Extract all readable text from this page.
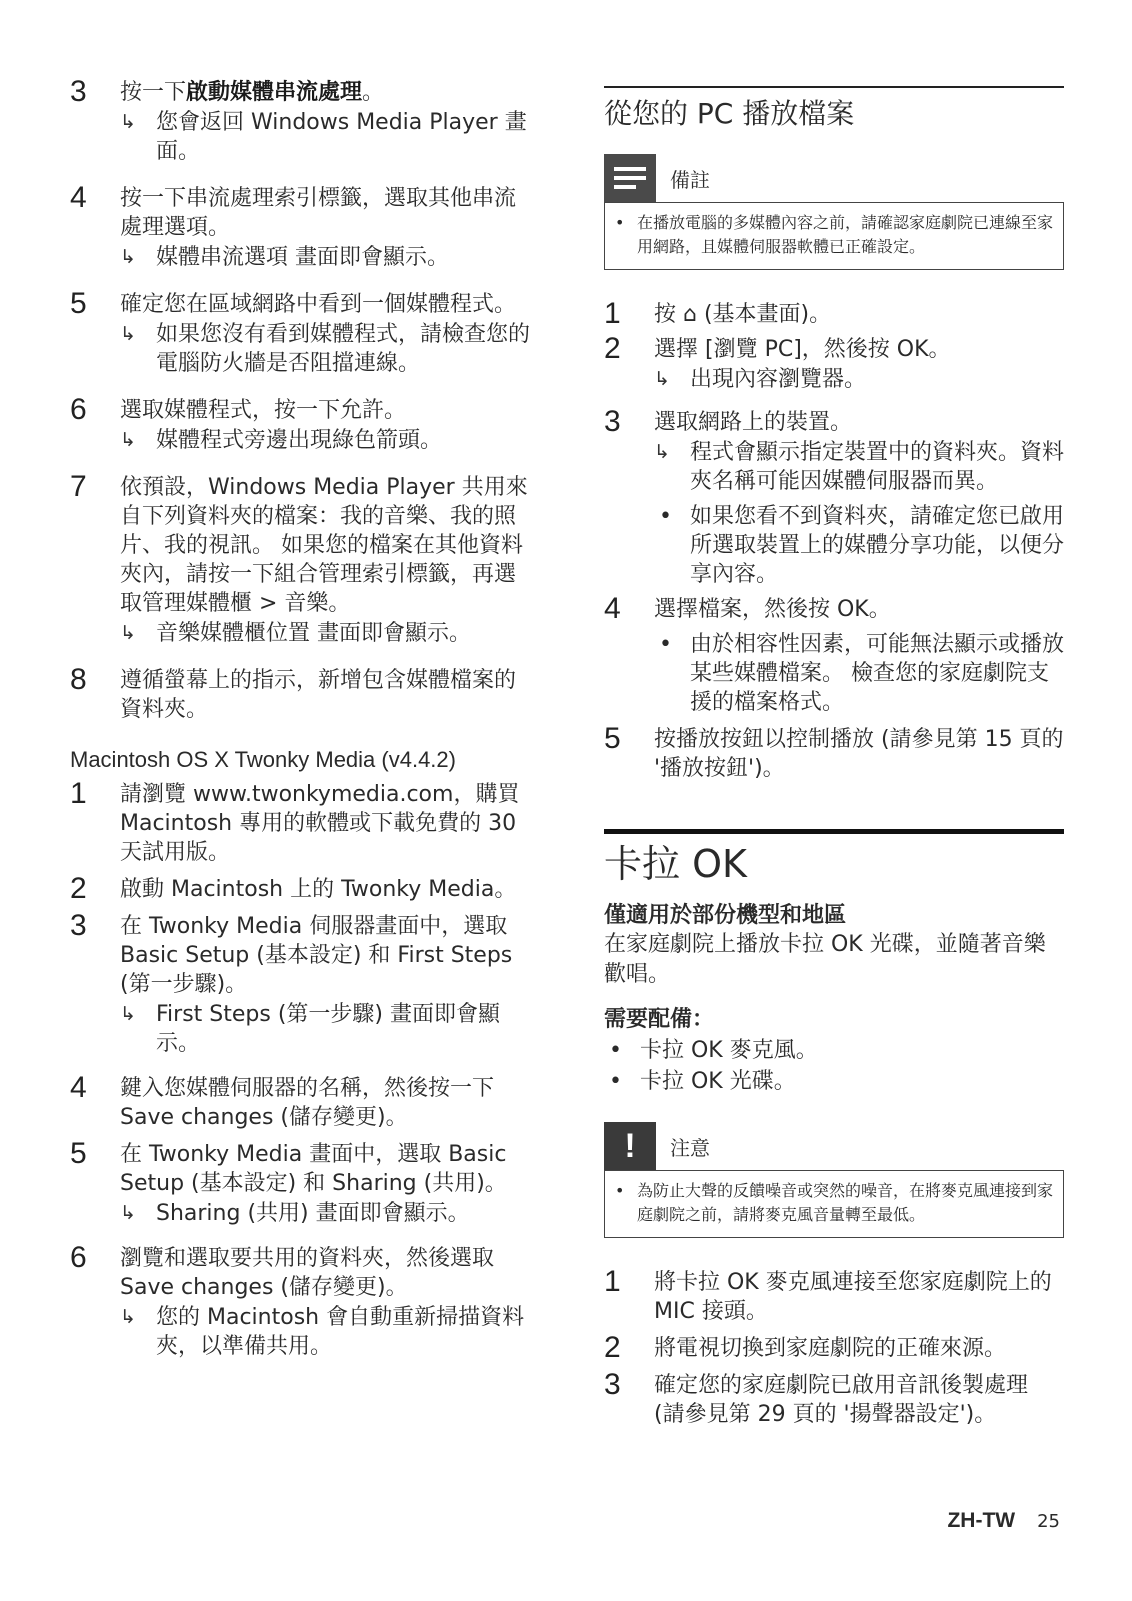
3 按一下啟動媒體串流處理。
↳ 您會返回 Windows Media Player 畫面。
4 按一下串流處理索引標籤，選取其他串流處理選項。
↳ 媒體串流選項 畫面即會顯示。
5 確定您在區域網路中看到一個媒體程式。
↳ 如果您沒有看到媒體程式，請檢查您的電腦防火牆是否阻擋連線。
6 選取媒體程式，按一下允許。
↳ 媒體程式旁邊出現綠色箭頭。
7 依預設，Windows Media Player 共用來自下列資料夾的檔案：我的音樂、我的照片、我的視訊。 如果您的檔案在其他資料夾內，請按一下組合管理索引標籤，再選取管理媒體櫃 > 音樂。
↳ 音樂媒體櫃位置 畫面即會顯示。
8 遵循螢幕上的指示，新增包含媒體檔案的資料夾。
Macintosh OS X Twonky Media (v4.4.2)
1 請瀏覽 www.twonkymedia.com，購買 Macintosh 專用的軟體或下載免費的 30 天試用版。
2 啟動 Macintosh 上的 Twonky Media。
3 在 Twonky Media 伺服器畫面中，選取 Basic Setup (基本設定) 和 First Steps (第一步驟)。
↳ First Steps (第一步驟) 畫面即會顯示。
4 鍵入您媒體伺服器的名稱，然後按一下 Save changes (儲存變更)。
5 在 Twonky Media 畫面中，選取 Basic Setup (基本設定) 和 Sharing (共用)。
↳ Sharing (共用) 畫面即會顯示。
6 瀏覽和選取要共用的資料夾，然後選取 Save changes (儲存變更)。
↳ 您的 Macintosh 會自動重新掃描資料夾，以準備共用。
從您的 PC 播放檔案
備註
• 在播放電腦的多媒體內容之前，請確認家庭劇院已連線至家用網路，且媒體伺服器軟體已正確設定。
1 按 ⌂ (基本畫面)。
2 選擇 [瀏覽 PC]，然後按 OK。
↳ 出現內容瀏覽器。
3 選取網路上的裝置。
↳ 程式會顯示指定裝置中的資料夾。資料夾名稱可能因媒體伺服器而異。
• 如果您看不到資料夾，請確定您已啟用所選取裝置上的媒體分享功能，以便分享內容。
4 選擇檔案，然後按 OK。
• 由於相容性因素，可能無法顯示或播放某些媒體檔案。 檢查您的家庭劇院支援的檔案格式。
5 按播放按鈕以控制播放 (請參見第 15 頁的 '播放按鈕')。
卡拉 OK
僅適用於部份機型和地區
在家庭劇院上播放卡拉 OK 光碟，並隨著音樂歡唱。
需要配備：
• 卡拉 OK 麥克風。
• 卡拉 OK 光碟。
!	注意
• 為防止大聲的反饋噪音或突然的噪音，在將麥克風連接到家庭劇院之前，請將麥克風音量轉至最低。
1 將卡拉 OK 麥克風連接至您家庭劇院上的 MIC 接頭。
2 將電視切換到家庭劇院的正確來源。
3 確定您的家庭劇院已啟用音訊後製處理 (請參見第 29 頁的 '揚聲器設定')。
ZH-TW 25
